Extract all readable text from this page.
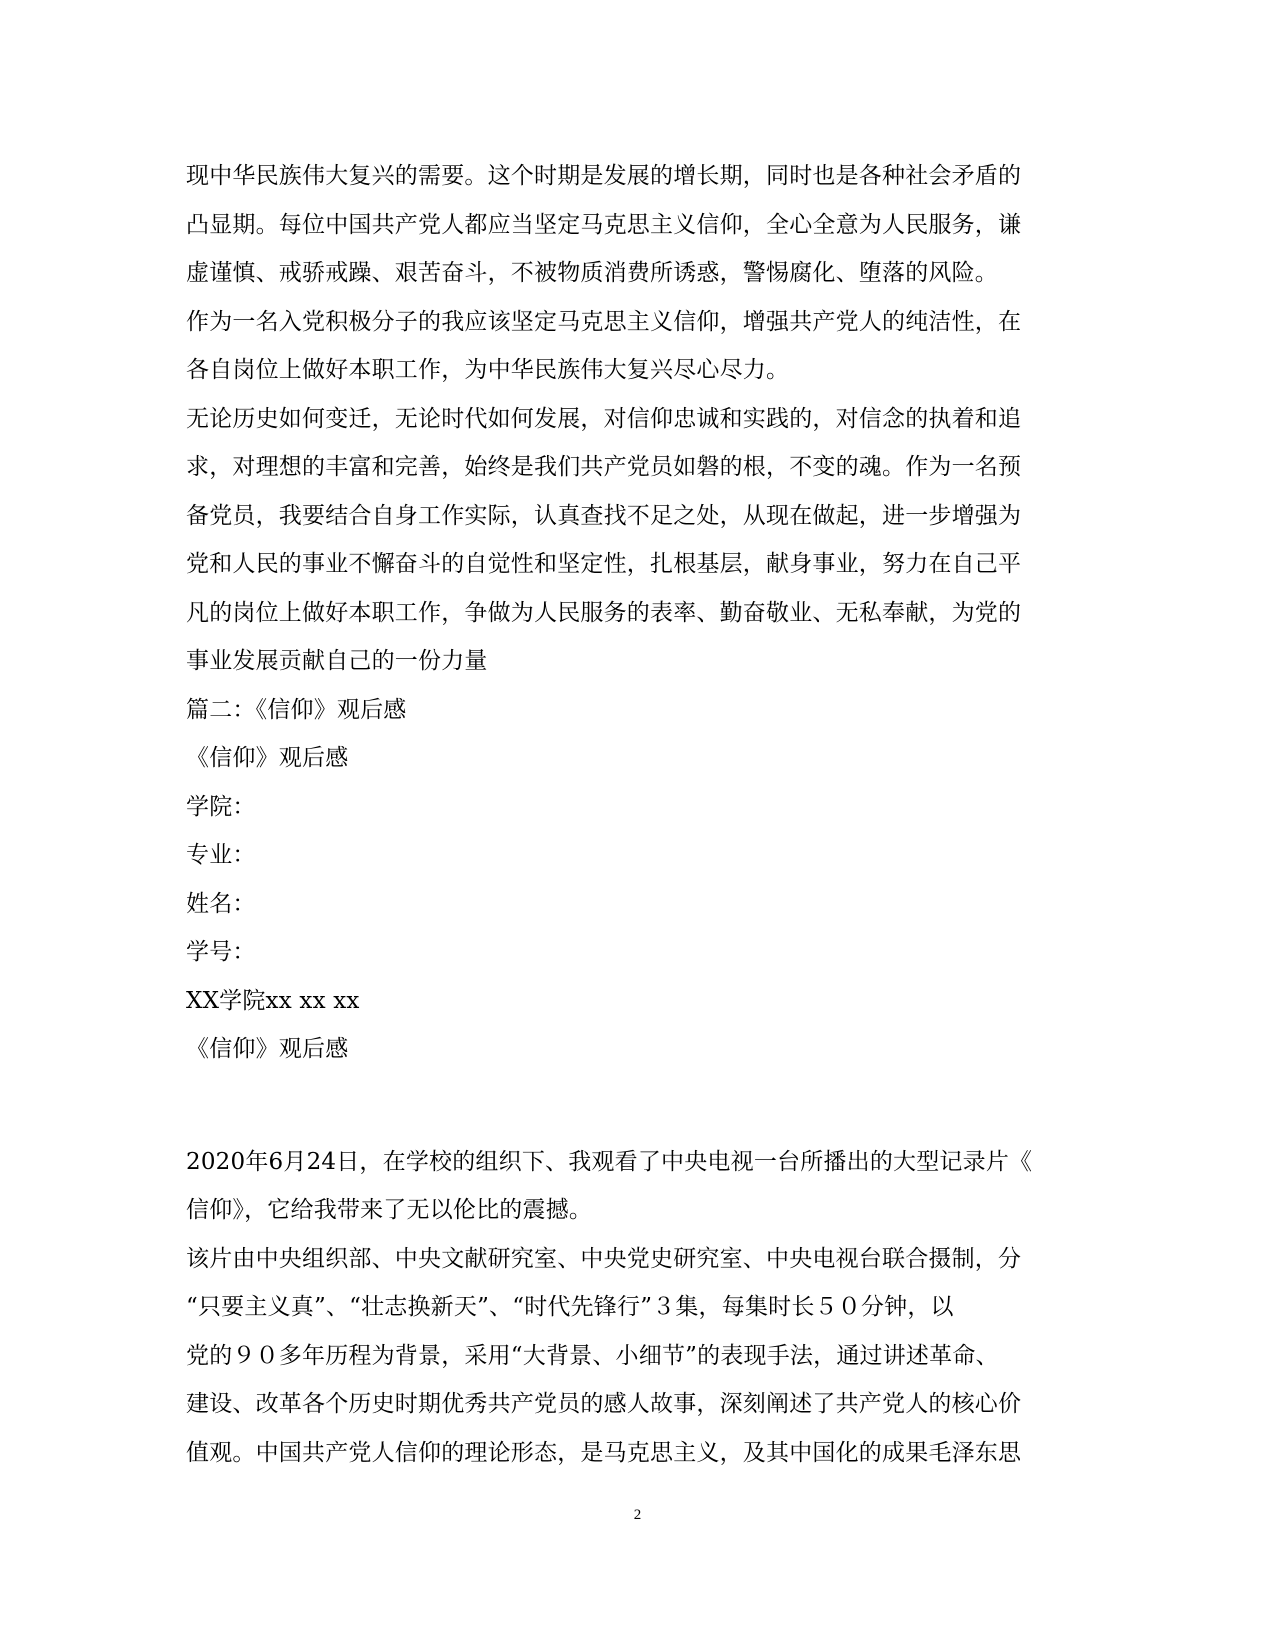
现中华民族伟大复兴的需要。这个时期是发展的增长期，同时也是各种社会矛盾的
凸显期。每位中国共产党人都应当坚定马克思主义信仰，全心全意为人民服务，谦
虚谨慎、戒骄戒躁、艰苦奋斗，不被物质消费所诱惑，警惕腐化、堕落的风险。
作为一名入党积极分子的我应该坚定马克思主义信仰，增强共产党人的纯洁性，在
各自岗位上做好本职工作，为中华民族伟大复兴尽心尽力。
无论历史如何变迁，无论时代如何发展，对信仰忠诚和实践的，对信念的执着和追
求，对理想的丰富和完善，始终是我们共产党员如磐的根，不变的魂。作为一名预
备党员，我要结合自身工作实际，认真查找不足之处，从现在做起，进一步增强为
党和人民的事业不懈奋斗的自觉性和坚定性，扎根基层，献身事业，努力在自己平
凡的岗位上做好本职工作，争做为人民服务的表率、勤奋敬业、无私奉献，为党的
事业发展贡献自己的一份力量
篇二：《信仰》观后感
《信仰》观后感
学院：
专业：
姓名：
学号：
XX学院xx xx xx
《信仰》观后感
2020年6月24日，在学校的组织下、我观看了中央电视一台所播出的大型记录片《
信仰》，它给我带来了无以伦比的震撼。
该片由中央组织部、中央文献研究室、中央党史研究室、中央电视台联合摄制，分
“只要主义真”、“壮志换新天”、“时代先锋行”３集，每集时长５０分钟，以
党的９０多年历程为背景，采用“大背景、小细节”的表现手法，通过讲述革命、
建设、改革各个历史时期优秀共产党员的感人故事，深刻阐述了共产党人的核心价
值观。中国共产党人信仰的理论形态，是马克思主义，及其中国化的成果毛泽东思
2
